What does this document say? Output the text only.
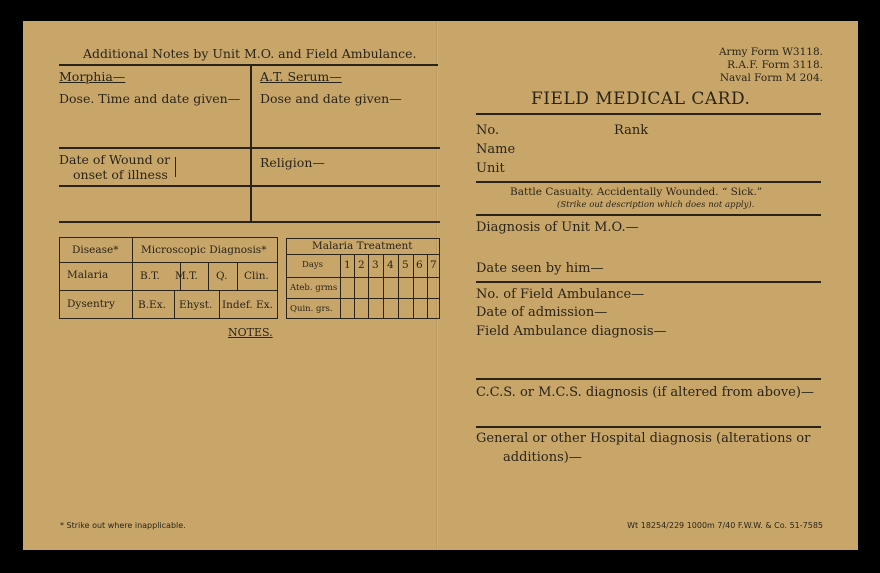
Additional Notes by Unit M.O. and Field Ambulance.
Morphia—
Dose. Time and date given—
A.T. Serum—
Dose and date given—
Date of Wound or
onset of illness
Religion—
Disease* Microscopic Diagnosis*
Malaria	B.T. M.T. Q. Clin.
Dysentry B.Ex. Ehyst. Indef. Ex.
Malaria Treatment
Days 1 2 3 4 5 6 7
Ateb. grms
Quin. grs.
NOTES.
* Strike out where inapplicable.
Army Form W3118.
R.A.F. Form 3118.
Naval Form M 204.
FIELD MEDICAL CARD.
No.	Rank
Name
Unit
Battle Casualty. Accidentally Wounded. “ Sick.”
(Strike out description which does not apply).
Diagnosis of Unit M.O.—
Date seen by him—
No. of Field Ambulance—
Date of admission—
Field Ambulance diagnosis—
C.C.S. or M.C.S. diagnosis (if altered from above)—
General or other Hospital diagnosis (alterations or
additions)—
Wt 18254/229 1000m 7/40 F.W.W. & Co. 51-7585
